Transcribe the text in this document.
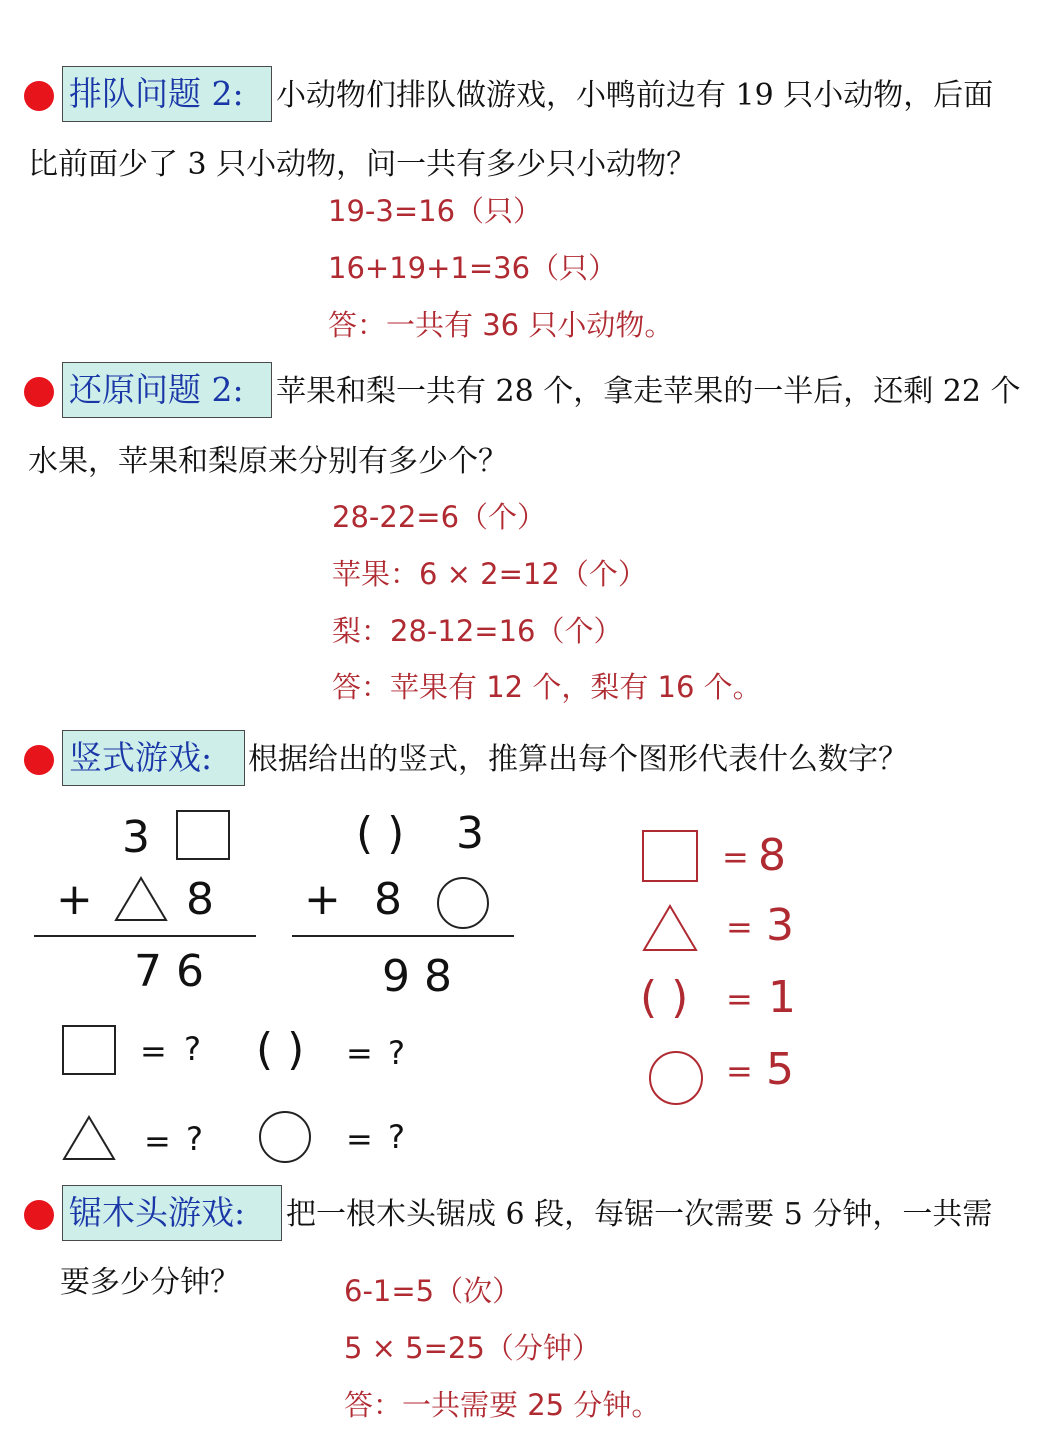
排队问题 2:	小动物们排队做游戏，小鸭前边有 19 只小动物，后面
比前面少了 3 只小动物，问一共有多少只小动物？
19-3=16（只）
16+19+1=36（只）
答：一共有 36 只小动物。
还原问题 2:	苹果和梨一共有 28 个，拿走苹果的一半后，还剩 22 个
水果，苹果和梨原来分别有多少个？
28-22=6（个）
苹果：6 × 2=12（个）
梨：28-12=16（个）
答：苹果有 12 个，梨有 16 个。
竖式游戏:	根据给出的竖式，推算出每个图形代表什么数字？
3
+ 8
7 6
( ) 3
+ 8
9 8
= ? ( ) = ?
= ?	= ?
= 8
= 3
( ) = 1
= 5
锯木头游戏:	把一根木头锯成 6 段，每锯一次需要 5 分钟，一共需
要多少分钟？	6-1=5（次）
5 × 5=25（分钟）
答：一共需要 25 分钟。
